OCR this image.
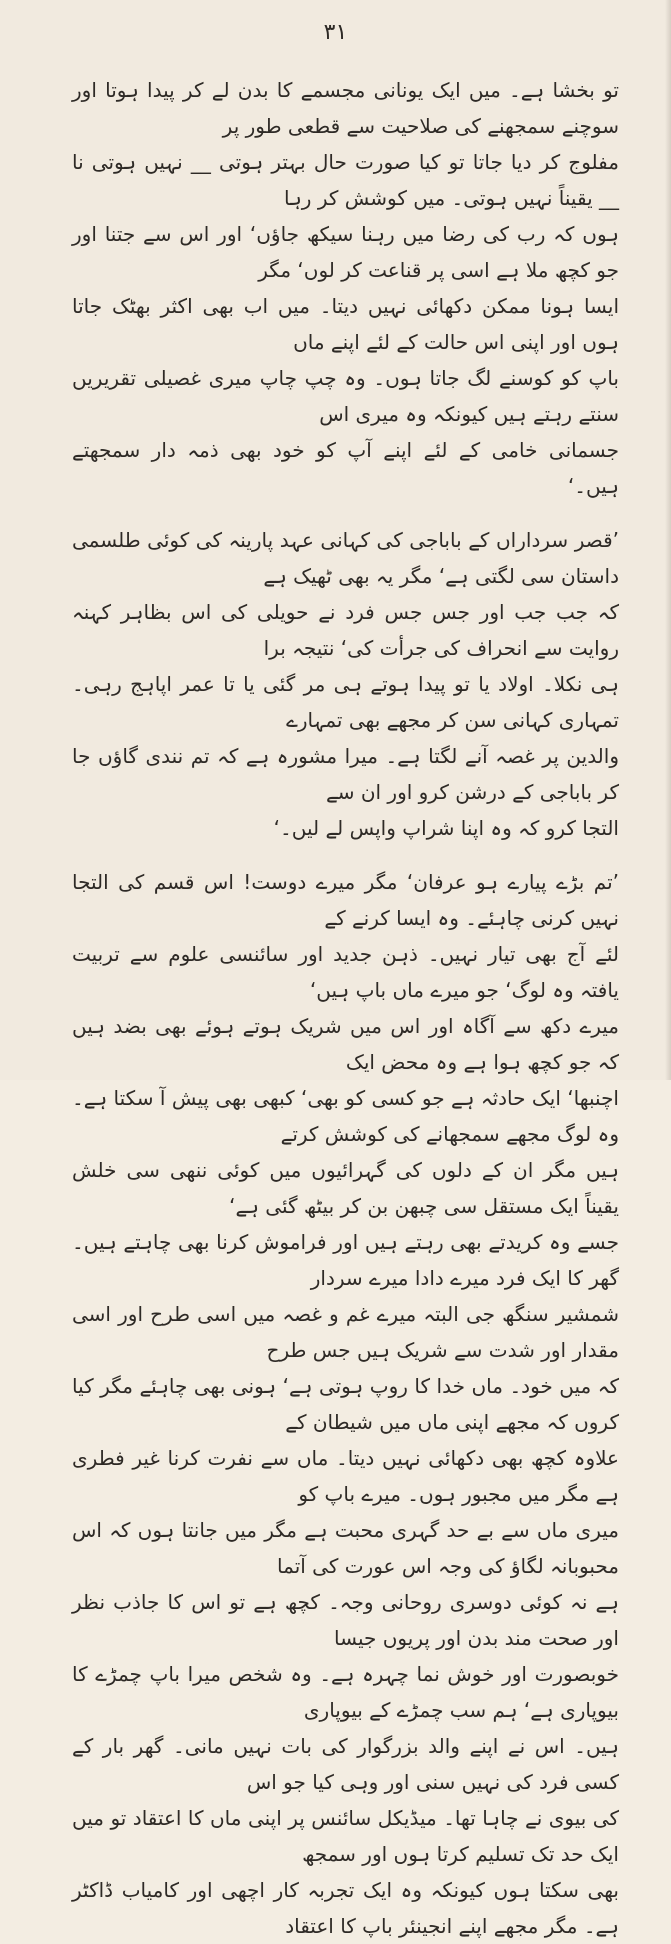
۳۱

تو بخشا ہے۔ میں ایک یونانی مجسمے کا بدن لے کر پیدا ہوتا اور سوچنے سمجھنے کی صلاحیت سے قطعی طور پر
مفلوج کر دیا جاتا تو کیا صورت حال بہتر ہوتی __ نہیں ہوتی نا __ یقیناً نہیں ہوتی۔ میں کوشش کر رہا
ہوں کہ رب کی رضا میں رہنا سیکھ جاؤں‘ اور اس سے جتنا اور جو کچھ ملا ہے اسی پر قناعت کر لوں‘ مگر
ایسا ہونا ممکن دکھائی نہیں دیتا۔ میں اب بھی اکثر بھٹک جاتا ہوں اور اپنی اس حالت کے لئے اپنے ماں
باپ کو کوسنے لگ جاتا ہوں۔ وہ چپ چاپ میری غصیلی تقریریں سنتے رہتے ہیں کیونکہ وہ میری اس
جسمانی خامی کے لئے اپنے آپ کو خود بھی ذمہ دار سمجھتے ہیں۔‘

’قصر سرداراں کے باباجی کی کہانی عہد پارینہ کی کوئی طلسمی داستان سی لگتی ہے‘ مگر یہ بھی ٹھیک ہے
کہ جب جب اور جس جس فرد نے حویلی کی اس بظاہر کہنہ روایت سے انحراف کی جرأت کی‘ نتیجہ برا
ہی نکلا۔ اولاد یا تو پیدا ہوتے ہی مر گئی یا تا عمر اپاہج رہی۔ تمہاری کہانی سن کر مجھے بھی تمہارے
والدین پر غصہ آنے لگتا ہے۔ میرا مشورہ ہے کہ تم نندی گاؤں جا کر باباجی کے درشن کرو اور ان سے
التجا کرو کہ وہ اپنا شراپ واپس لے لیں۔‘

’تم بڑے پیارے ہو عرفان‘ مگر میرے دوست! اس قسم کی التجا نہیں کرنی چاہئے۔ وہ ایسا کرنے کے
لئے آج بھی تیار نہیں۔ ذہن جدید اور سائنسی علوم سے تربیت یافتہ وہ لوگ‘ جو میرے ماں باپ ہیں‘
میرے دکھ سے آگاہ اور اس میں شریک ہوتے ہوئے بھی بضد ہیں کہ جو کچھ ہوا ہے وہ محض ایک
اچنبھا‘ ایک حادثہ ہے جو کسی کو بھی‘ کبھی بھی پیش آ سکتا ہے۔ وہ لوگ مجھے سمجھانے کی کوشش کرتے
ہیں مگر ان کے دلوں کی گہرائیوں میں کوئی ننھی سی خلش یقیناً ایک مستقل سی چبھن بن کر بیٹھ گئی ہے‘
جسے وہ کریدتے بھی رہتے ہیں اور فراموش کرنا بھی چاہتے ہیں۔ گھر کا ایک فرد میرے دادا میرے سردار
شمشیر سنگھ جی البتہ میرے غم و غصہ میں اسی طرح اور اسی مقدار اور شدت سے شریک ہیں جس طرح
کہ میں خود۔ ماں خدا کا روپ ہوتی ہے‘ ہونی بھی چاہئے مگر کیا کروں کہ مجھے اپنی ماں میں شیطان کے
علاوہ کچھ بھی دکھائی نہیں دیتا۔ ماں سے نفرت کرنا غیر فطری ہے مگر میں مجبور ہوں۔ میرے باپ کو
میری ماں سے بے حد گہری محبت ہے مگر میں جانتا ہوں کہ اس محبوبانہ لگاؤ کی وجہ اس عورت کی آتما
ہے نہ کوئی دوسری روحانی وجہ۔ کچھ ہے تو اس کا جاذب نظر اور صحت مند بدن اور پریوں جیسا
خوبصورت اور خوش نما چہرہ ہے۔ وہ شخص میرا باپ چمڑے کا بیوپاری ہے‘ ہم سب چمڑے کے بیوپاری
ہیں۔ اس نے اپنے والد بزرگوار کی بات نہیں مانی۔ گھر بار کے کسی فرد کی نہیں سنی اور وہی کیا جو اس
کی بیوی نے چاہا تھا۔ میڈیکل سائنس پر اپنی ماں کا اعتقاد تو میں ایک حد تک تسلیم کرتا ہوں اور سمجھ
بھی سکتا ہوں کیونکہ وہ ایک تجربہ کار اچھی اور کامیاب ڈاکٹر ہے۔ مگر مجھے اپنے انجینئر باپ کا اعتقاد
